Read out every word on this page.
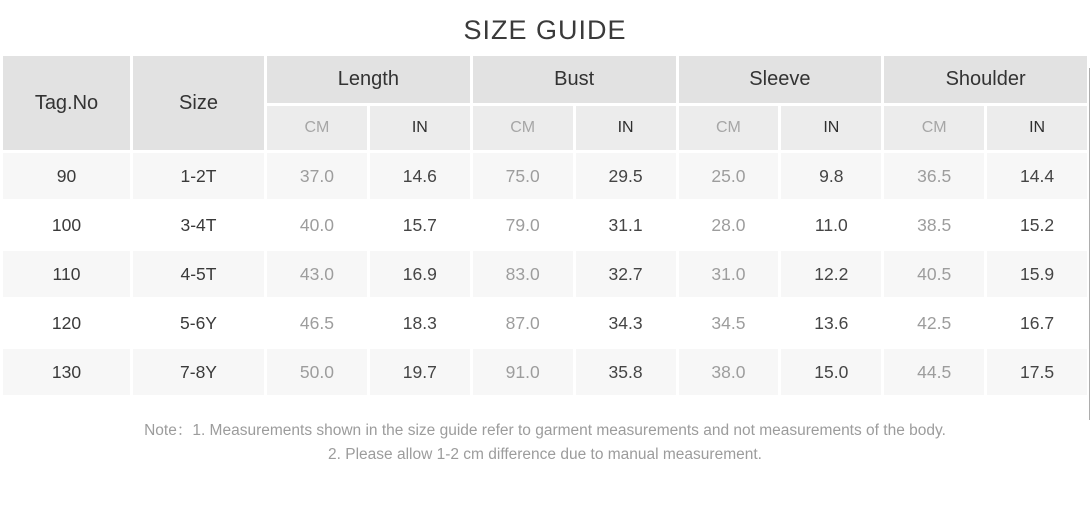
SIZE GUIDE
Tag.No	Size	Length		Bust		Sleeve		Shoulder	
		CM	IN	CM	IN	CM	IN	CM	IN
90	1-2T	37.0	14.6	75.0	29.5	25.0	9.8	36.5	14.4
100	3-4T	40.0	15.7	79.0	31.1	28.0	11.0	38.5	15.2
110	4-5T	43.0	16.9	83.0	32.7	31.0	12.2	40.5	15.9
120	5-6Y	46.5	18.3	87.0	34.3	34.5	13.6	42.5	16.7
130	7-8Y	50.0	19.7	91.0	35.8	38.0	15.0	44.5	17.5
Note：1. Measurements shown in the size guide refer to garment measurements and not measurements of the body.
2. Please allow 1-2 cm difference due to manual measurement.
